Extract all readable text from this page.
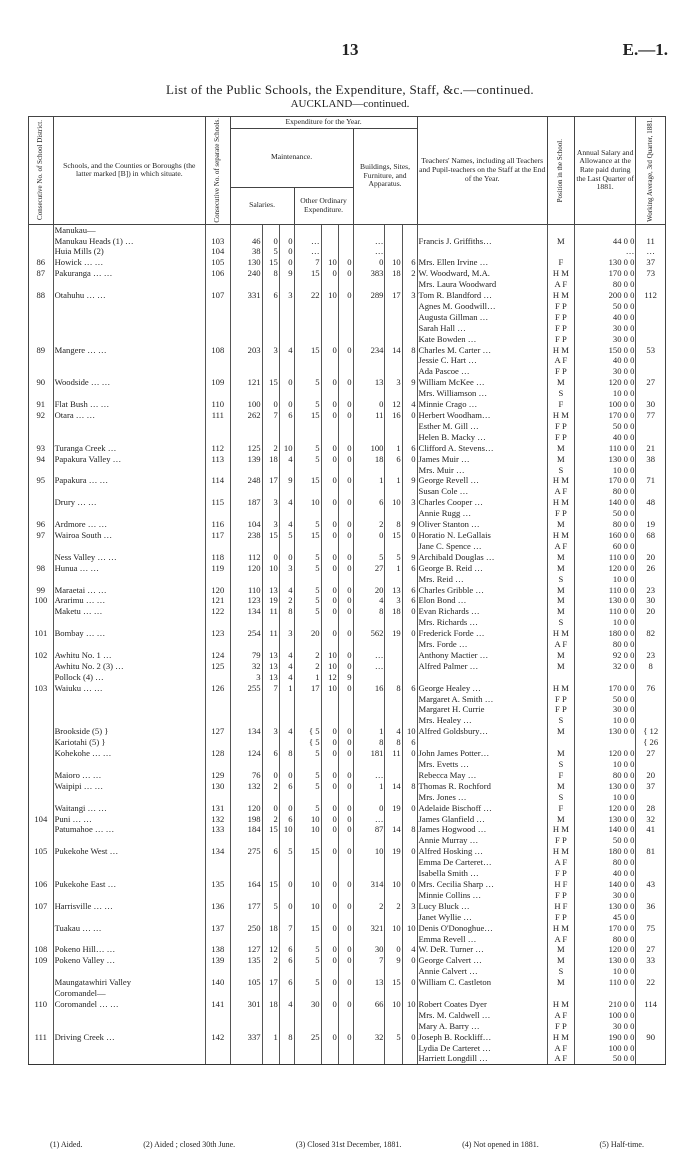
13	E.—1.
List of the Public Schools, the Expenditure, Staff, &c.—continued.
AUCKLAND—continued.
Consecutive No. of School District.	Schools, and the Counties or Boroughs (the latter marked [B]) in which situate.	Consecutive No. of separate Schools.	Expenditure for the Year.									Teachers' Names, including all Teachers and Pupil-teachers on the Staff at the End of the Year.	Position in the School.	Annual Salary and Allowance at the Rate paid during the Last Quarter of 1881.	Working Average, 3rd Quarter, 1881.

			Maintenance.						Buildings, Sites, Furniture, and Apparatus.						
			Salaries.			Other Ordinary Expenditure.									
	Manukau—														
	Manukau Heads (1) …	103	46	0	0	…			…			Francis J. Griffiths…	M	44 0 0	11
	Huia Mills (2)	104	38	5	0	…			…					…	…
86	Howick … …	105	130	15	0	7	10	0	0	10	6	Mrs. Ellen Irvine …	F	130 0 0	37
87	Pakuranga … …	106	240	8	9	15	0	0	383	18	2	W. Woodward, M.A.	H M	170 0 0	73
												Mrs. Laura Woodward	A F	80 0 0	
88	Otahuhu … …	107	331	6	3	22	10	0	289	17	3	Tom R. Blandford …	H M	200 0 0	112
												Agnes M. Goodwill…	F P	50 0 0	
												Augusta Gillman …	F P	40 0 0	
												Sarah Hall …	F P	30 0 0	
												Kate Bowden …	F P	30 0 0	
89	Mangere … …	108	203	3	4	15	0	0	234	14	8	Charles M. Carter …	H M	150 0 0	53
												Jessie C. Hart …	A F	40 0 0	
												Ada Pascoe …	F P	30 0 0	
90	Woodside … …	109	121	15	0	5	0	0	13	3	9	William McKee …	M	120 0 0	27
												Mrs. Williamson …	S	10 0 0	
91	Flat Bush … …	110	100	0	0	5	0	0	0	12	4	Minnie Crago …	F	100 0 0	30
92	Otara … …	111	262	7	6	15	0	0	11	16	0	Herbert Woodham…	H M	170 0 0	77
												Esther M. Gill …	F P	50 0 0	
												Helen B. Macky …	F P	40 0 0	
93	Turanga Creek …	112	125	2	10	5	0	0	100	1	6	Clifford A. Stevens…	M	110 0 0	21
94	Papakura Valley …	113	139	18	4	5	0	0	18	6	0	James Muir …	M	130 0 0	38
												Mrs. Muir …	S	10 0 0	
95	Papakura … …	114	248	17	9	15	0	0	1	1	9	George Revell …	H M	170 0 0	71
												Susan Cole …	A F	80 0 0	
	Drury … …	115	187	3	4	10	0	0	6	10	3	Charles Cooper …	H M	140 0 0	48
												Annie Rugg …	F P	50 0 0	
96	Ardmore … …	116	104	3	4	5	0	0	2	8	9	Oliver Stanton …	M	80 0 0	19
97	Wairoa South …	117	238	15	5	15	0	0	0	15	0	Horatio N. LeGallais	H M	160 0 0	68
												Jane C. Spence …	A F	60 0 0	
	Ness Valley … …	118	112	0	0	5	0	0	5	5	9	Archibald Douglas …	M	110 0 0	20
98	Hunua … …	119	120	10	3	5	0	0	27	1	6	George B. Reid …	M	120 0 0	26
												Mrs. Reid …	S	10 0 0	
99	Maraetai … …	120	110	13	4	5	0	0	20	13	6	Charles Gribble …	M	110 0 0	23
100	Ararimu … …	121	123	19	2	5	0	0	4	3	6	Elon Bond …	M	130 0 0	30
	Maketu … …	122	134	11	8	5	0	0	8	18	0	Evan Richards …	M	110 0 0	20
												Mrs. Richards …	S	10 0 0	
101	Bombay … …	123	254	11	3	20	0	0	562	19	0	Frederick Forde …	H M	180 0 0	82
												Mrs. Forde …	A F	80 0 0	
102	Awhitu No. 1 …	124	79	13	4	2	10	0	…			Anthony Mactier …	M	92 0 0	23
	Awhitu No. 2 (3) …	125	32	13	4	2	10	0	…			Alfred Palmer …	M	32 0 0	8
	Pollock (4) …		3	13	4	1	12	9							
103	Waiuku … …	126	255	7	1	17	10	0	16	8	6	George Healey …	H M	170 0 0	76
												Margaret A. Smith …	F P	50 0 0	
												Margaret H. Currie	F P	30 0 0	
												Mrs. Healey …	S	10 0 0	
	Brookside (5) }	127	134	3	4	{ 5	0	0	1	4	10	Alfred Goldsbury…	M	130 0 0	{ 12
	Kariotahi (5) }					{ 5	0	0	8	8	6				{ 26
	Kohekohe … …	128	124	6	8	5	0	0	181	11	0	John James Potter…	M	120 0 0	27
												Mrs. Evetts …	S	10 0 0	
	Maioro … …	129	76	0	0	5	0	0	…			Rebecca May …	F	80 0 0	20
	Waipipi … …	130	132	2	6	5	0	0	1	14	8	Thomas R. Rochford	M	130 0 0	37
												Mrs. Jones …	S	10 0 0	
	Waitangi … …	131	120	0	0	5	0	0	0	19	0	Adelaide Bischoff …	F	120 0 0	28
104	Puni … …	132	198	2	6	10	0	0	…			James Glanfield …	M	130 0 0	32
	Patumahoe … …	133	184	15	10	10	0	0	87	14	8	James Hogwood …	H M	140 0 0	41
												Annie Murray …	F P	50 0 0	
105	Pukekohe West …	134	275	6	5	15	0	0	10	19	0	Alfred Hosking …	H M	180 0 0	81
												Emma De Carteret…	A F	80 0 0	
												Isabella Smith …	F P	40 0 0	
106	Pukekohe East …	135	164	15	0	10	0	0	314	10	0	Mrs. Cecilia Sharp …	H F	140 0 0	43
												Minnie Collins …	F P	30 0 0	
107	Harrisville … …	136	177	5	0	10	0	0	2	2	3	Lucy Bluck …	H F	130 0 0	36
												Janet Wyllie …	F P	45 0 0	
	Tuakau … …	137	250	18	7	15	0	0	321	10	10	Denis O'Donoghue…	H M	170 0 0	75
												Emma Revell …	A F	80 0 0	
108	Pokeno Hill… …	138	127	12	6	5	0	0	30	0	4	W. DeR. Turner …	M	120 0 0	27
109	Pokeno Valley …	139	135	2	6	5	0	0	7	9	0	George Calvert …	M	130 0 0	33
												Annie Calvert …	S	10 0 0	
	Maungatawhiri Valley	140	105	17	6	5	0	0	13	15	0	William C. Castleton	M	110 0 0	22
	Coromandel—														
110	Coromandel … …	141	301	18	4	30	0	0	66	10	10	Robert Coates Dyer	H M	210 0 0	114
												Mrs. M. Caldwell …	A F	100 0 0	
												Mary A. Barry …	F P	30 0 0	
111	Driving Creek …	142	337	1	8	25	0	0	32	5	0	Joseph B. Rockliff…	H M	190 0 0	90
												Lydia De Carteret …	A F	100 0 0	
												Harriett Longdill …	A F	50 0 0	
(1) Aided.	(2) Aided ; closed 30th June.	(3) Closed 31st December, 1881.	(4) Not opened in 1881.	(5) Half-time.
